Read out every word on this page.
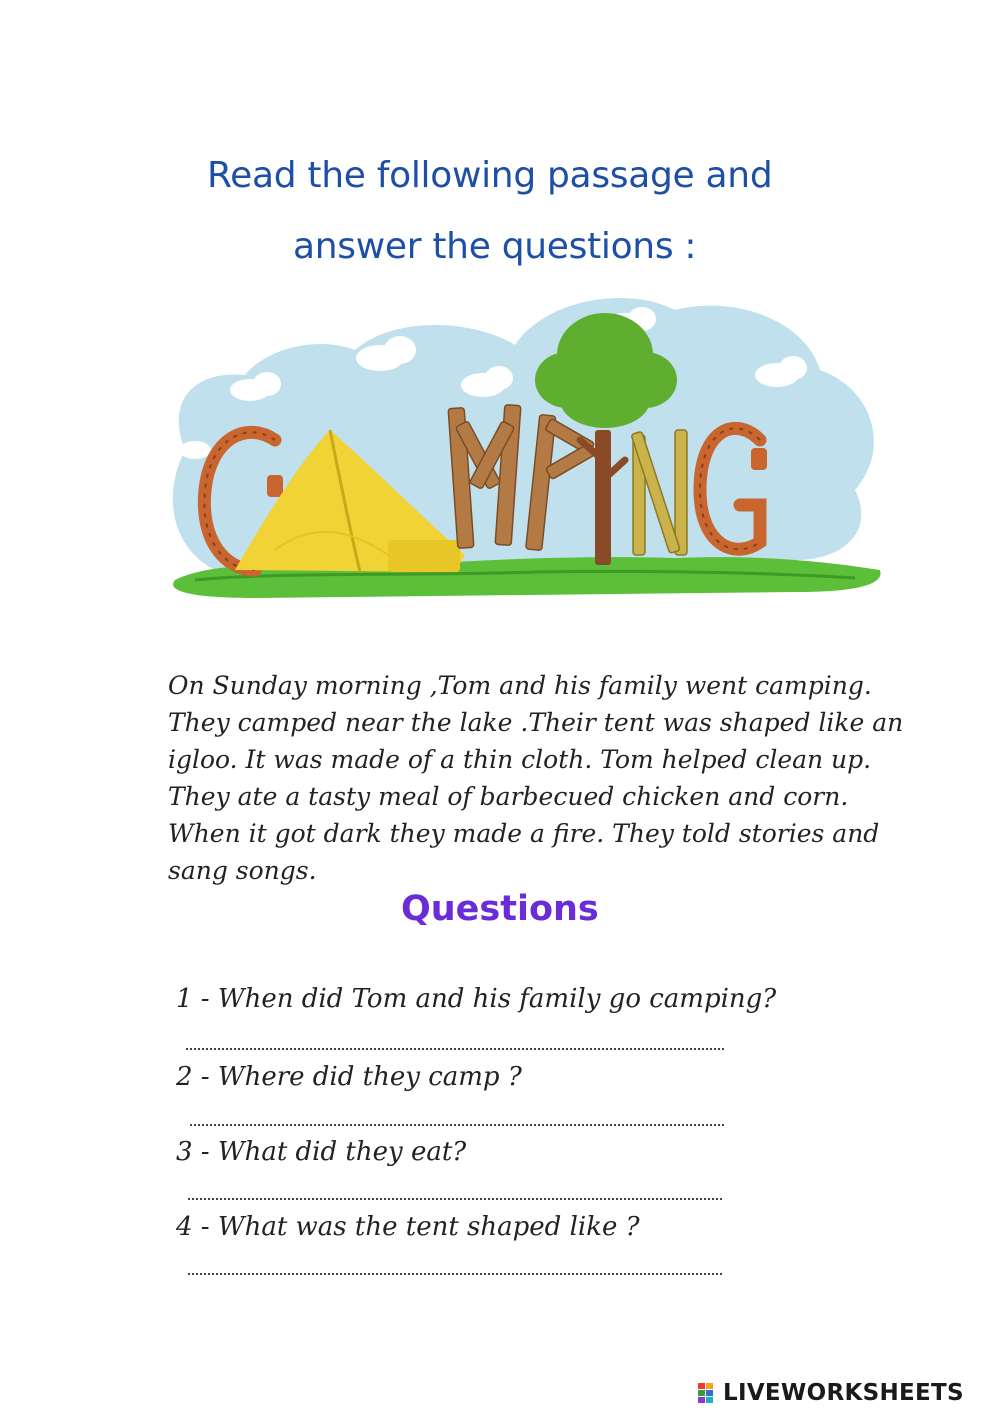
Read the following passage and
answer the questions :
On Sunday morning ,Tom and his family went camping.
They camped near the lake .Their tent was shaped like an
igloo. It was made of a thin cloth. Tom helped clean up.
They ate a tasty meal of barbecued chicken and corn.
When it got dark they made a fire. They told stories and
sang songs.
Questions
1 - When did Tom and his family go camping?
2 - Where did they camp ?
3 - What did they eat?
4 - What was the tent shaped like ?
LIVEWORKSHEETS
